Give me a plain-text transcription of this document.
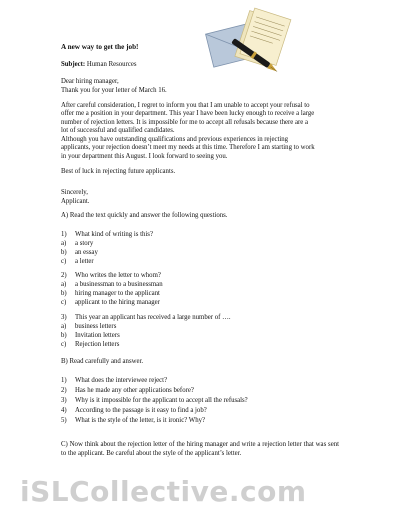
A new way to get the job!
Subject: Human Resources

Dear hiring manager,
Thank you for your letter of March 16.

After careful consideration, I regret to inform you that I am unable to accept your refusal to
offer me a position in your department. This year I have been lucky enough to receive a large
number of rejection letters. It is impossible for me to accept all refusals because there are a
lot of successful and qualified candidates.
Although you have outstanding qualifications and previous experiences in rejecting
applicants, your rejection doesn’t meet my needs at this time. Therefore I am starting to work
in your department this August. I look forward to seeing you.

Best of luck in rejecting future applicants.

Sincerely,
Applicant.
A) Read the text quickly and answer the following questions.
1) What kind of writing is this?
a) a story
b) an essay
c) a letter
2) Who writes the letter to whom?
a) a businessman to a businessman
b) hiring manager to the applicant
c) applicant to the hiring manager
3) This year an applicant has received a large number of ….
a) business letters
b) Invitation letters
c) Rejection letters
B) Read carefully and answer.
1) What does the interviewee reject?
2) Has he made any other applications before?
3) Why is it impossible for the applicant to accept all the refusals?
4) According to the passage is it easy to find a job?
5) What is the style of the letter, is it ironic? Why?
C) Now think about the rejection letter of the hiring manager and write a rejection letter that was sent to the applicant. Be careful about the style of the applicant’s letter.
iSLCollective.com
